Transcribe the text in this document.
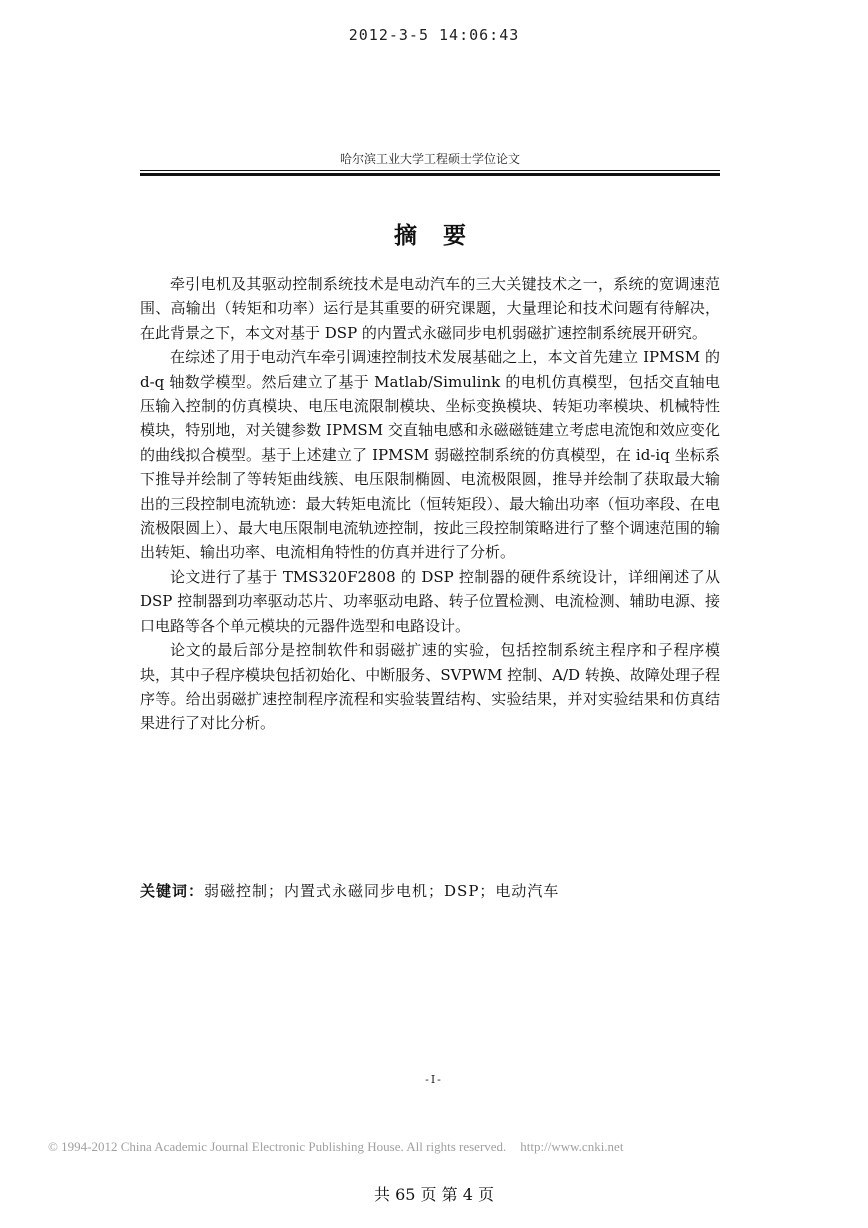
2012-3-5 14:06:43
哈尔滨工业大学工程硕士学位论文
摘要

牵引电机及其驱动控制系统技术是电动汽车的三大关键技术之一，系统的宽调速范围、高输出（转矩和功率）运行是其重要的研究课题，大量理论和技术问题有待解决，在此背景之下，本文对基于 DSP 的内置式永磁同步电机弱磁扩速控制系统展开研究。

在综述了用于电动汽车牵引调速控制技术发展基础之上，本文首先建立 IPMSM 的 d-q 轴数学模型。然后建立了基于 Matlab/Simulink 的电机仿真模型，包括交直轴电压输入控制的仿真模块、电压电流限制模块、坐标变换模块、转矩功率模块、机械特性模块，特别地，对关键参数 IPMSM 交直轴电感和永磁磁链建立考虑电流饱和效应变化的曲线拟合模型。基于上述建立了 IPMSM 弱磁控制系统的仿真模型，在 id-iq 坐标系下推导并绘制了等转矩曲线簇、电压限制椭圆、电流极限圆，推导并绘制了获取最大输出的三段控制电流轨迹：最大转矩电流比（恒转矩段）、最大输出功率（恒功率段、在电流极限圆上）、最大电压限制电流轨迹控制，按此三段控制策略进行了整个调速范围的输出转矩、输出功率、电流相角特性的仿真并进行了分析。

论文进行了基于 TMS320F2808 的 DSP 控制器的硬件系统设计，详细阐述了从 DSP 控制器到功率驱动芯片、功率驱动电路、转子位置检测、电流检测、辅助电源、接口电路等各个单元模块的元器件选型和电路设计。

论文的最后部分是控制软件和弱磁扩速的实验，包括控制系统主程序和子程序模块，其中子程序模块包括初始化、中断服务、SVPWM 控制、A/D 转换、故障处理子程序等。给出弱磁扩速控制程序流程和实验装置结构、实验结果，并对实验结果和仿真结果进行了对比分析。

关键词：弱磁控制；内置式永磁同步电机；DSP；电动汽车
-I-
© 1994-2012 China Academic Journal Electronic Publishing House. All rights reserved. http://www.cnki.net
共 65 页 第 4 页
